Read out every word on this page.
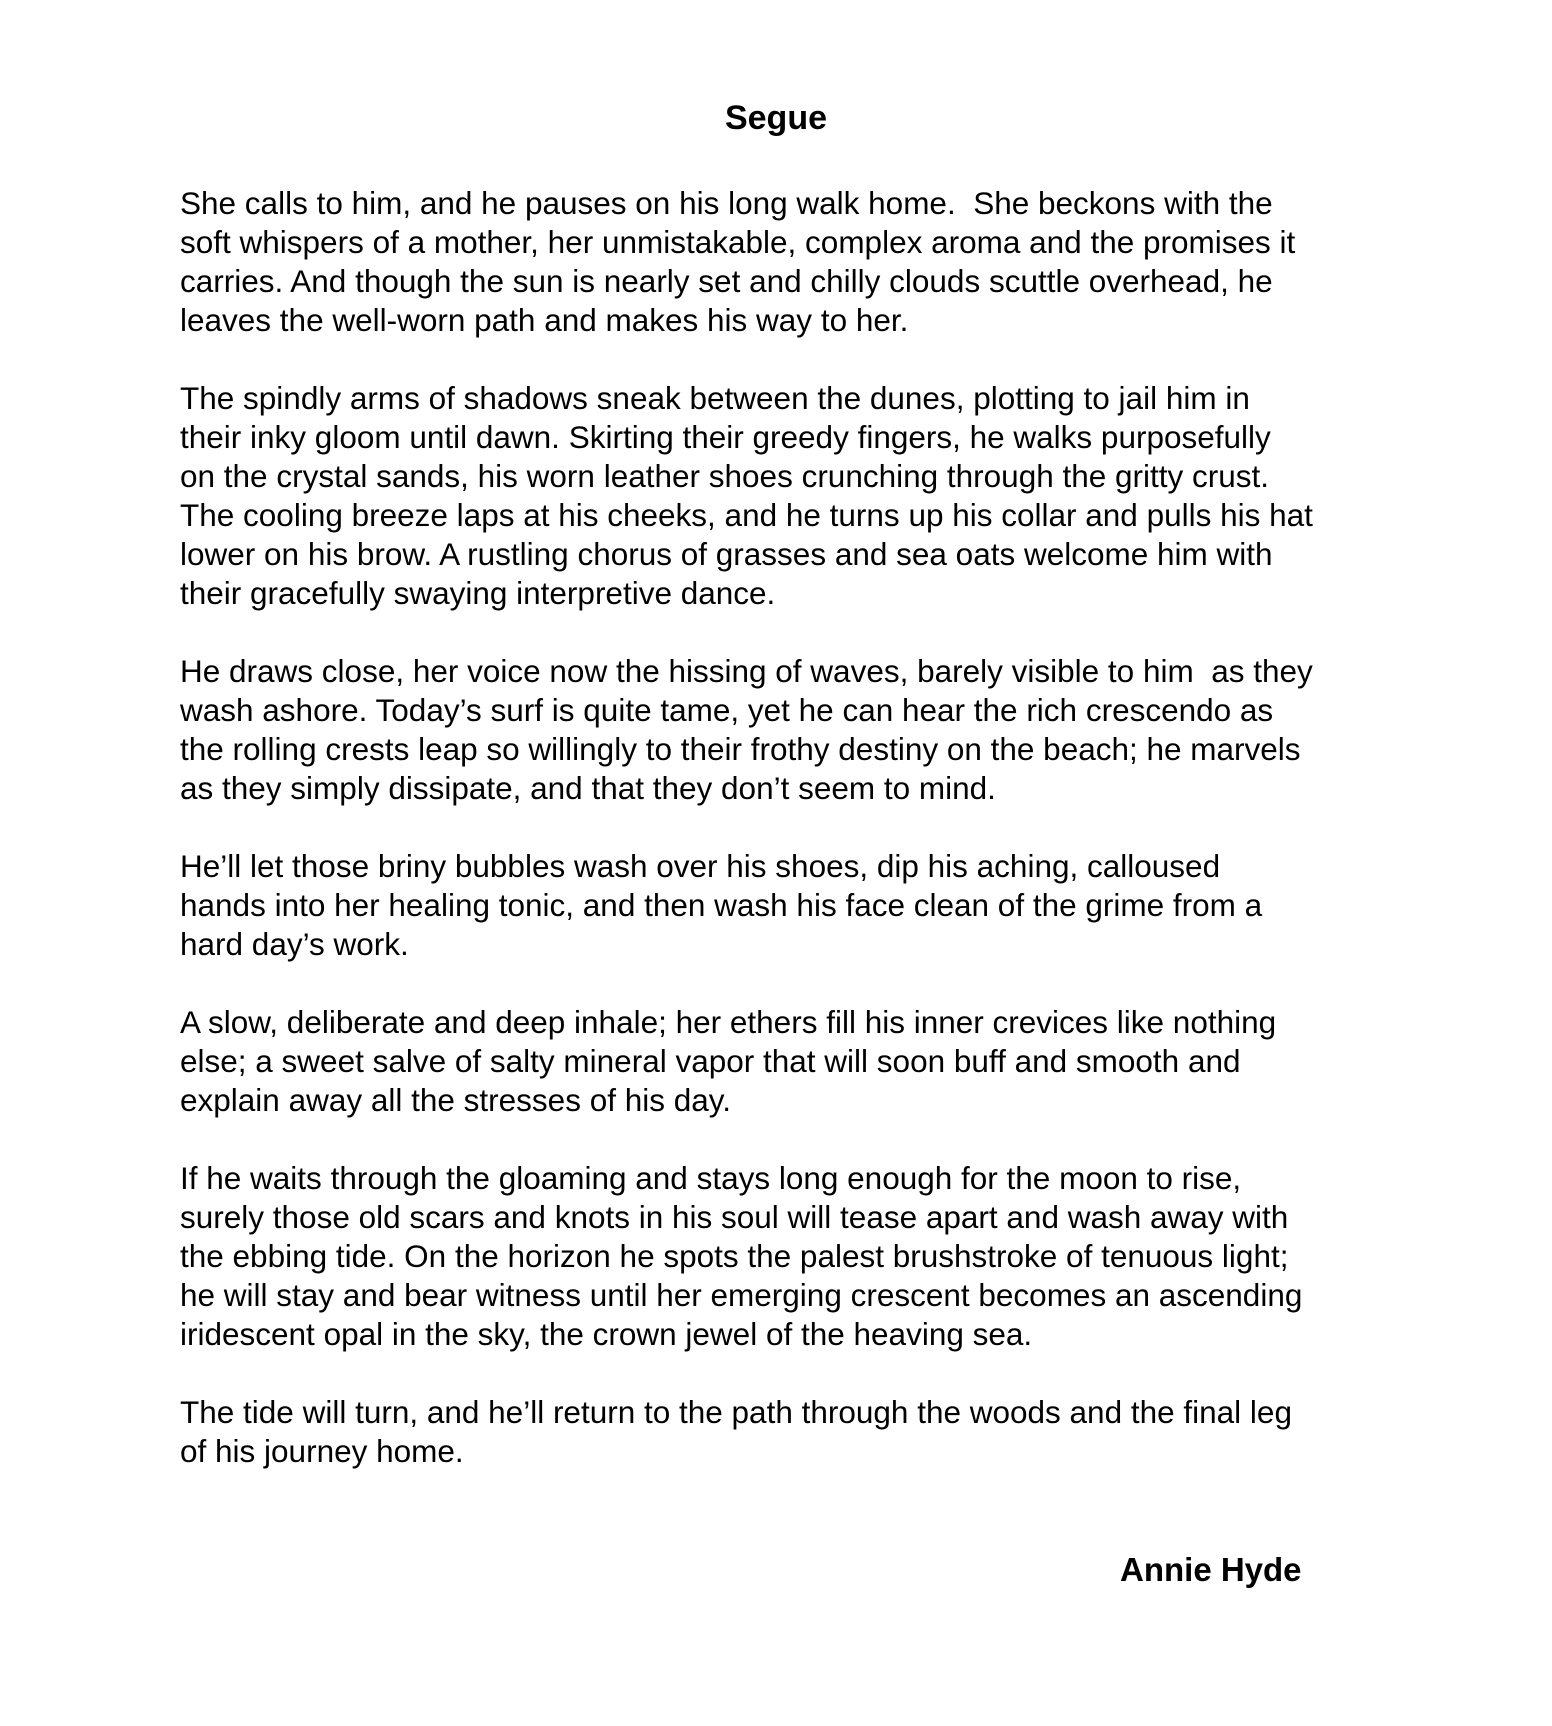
Segue

She calls to him, and he pauses on his long walk home.  She beckons with the
soft whispers of a mother, her unmistakable, complex aroma and the promises it
carries. And though the sun is nearly set and chilly clouds scuttle overhead, he
leaves the well-worn path and makes his way to her.

The spindly arms of shadows sneak between the dunes, plotting to jail him in
their inky gloom until dawn. Skirting their greedy fingers, he walks purposefully
on the crystal sands, his worn leather shoes crunching through the gritty crust.
The cooling breeze laps at his cheeks, and he turns up his collar and pulls his hat
lower on his brow. A rustling chorus of grasses and sea oats welcome him with
their gracefully swaying interpretive dance.

He draws close, her voice now the hissing of waves, barely visible to him  as they
wash ashore. Today’s surf is quite tame, yet he can hear the rich crescendo as
the rolling crests leap so willingly to their frothy destiny on the beach; he marvels
as they simply dissipate, and that they don’t seem to mind.

He’ll let those briny bubbles wash over his shoes, dip his aching, calloused
hands into her healing tonic, and then wash his face clean of the grime from a
hard day’s work.

A slow, deliberate and deep inhale; her ethers fill his inner crevices like nothing
else; a sweet salve of salty mineral vapor that will soon buff and smooth and
explain away all the stresses of his day.

If he waits through the gloaming and stays long enough for the moon to rise,
surely those old scars and knots in his soul will tease apart and wash away with
the ebbing tide. On the horizon he spots the palest brushstroke of tenuous light;
he will stay and bear witness until her emerging crescent becomes an ascending
iridescent opal in the sky, the crown jewel of the heaving sea.

The tide will turn, and he’ll return to the path through the woods and the final leg
of his journey home.

Annie Hyde
